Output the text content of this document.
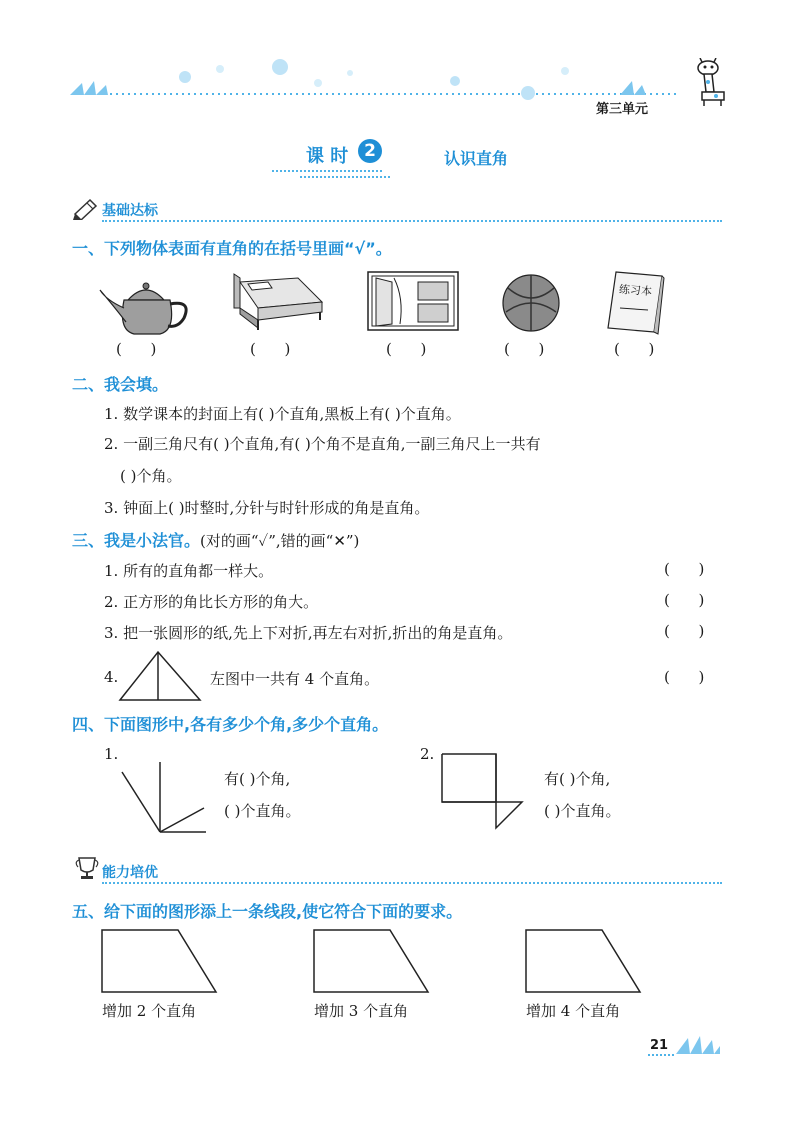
第三单元
课 时 2	认识直角
基础达标
一、下列物体表面有直角的在括号里画“√”。
练习本
(      )	(      )	(      )	(      )	(      )
二、我会填。
1. 数学课本的封面上有( )个直角,黑板上有( )个直角。
2. 一副三角尺有( )个直角,有( )个角不是直角,一副三角尺上一共有
( )个角。
3. 钟面上( )时整时,分针与时针形成的角是直角。
三、我是小法官。(对的画“✓”,错的画“✕”)
1. 所有的直角都一样大。	(      )
2. 正方形的角比长方形的角大。	(      )
3. 把一张圆形的纸,先上下对折,再左右对折,折出的角是直角。	(      )
4.	左图中一共有 4 个直角。	(      )
四、下面图形中,各有多少个角,多少个直角。
1.
有( )个角,
( )个直角。
2.
有( )个角,
( )个直角。
能力培优
五、给下面的图形添上一条线段,使它符合下面的要求。
增加 2 个直角	增加 3 个直角	增加 4 个直角
21
